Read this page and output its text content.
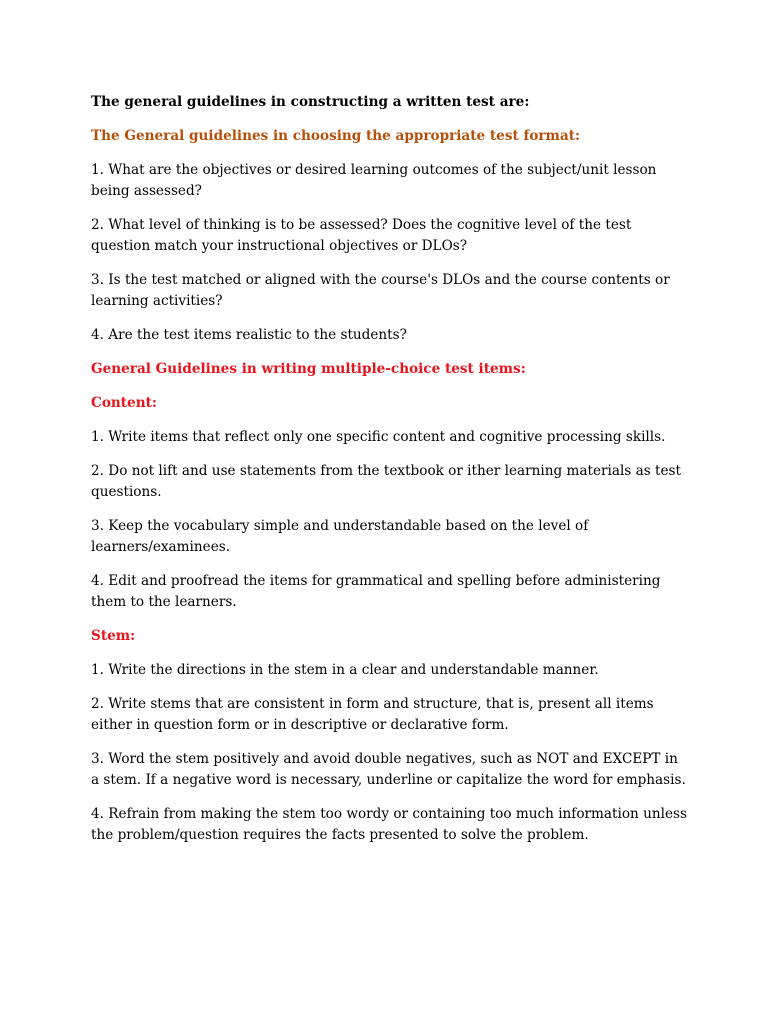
The general guidelines in constructing a written test are:

The General guidelines in choosing the appropriate test format:

1. What are the objectives or desired learning outcomes of the subject/unit lesson being assessed?

2. What level of thinking is to be assessed? Does the cognitive level of the test question match your instructional objectives or DLOs?

3. Is the test matched or aligned with the course's DLOs and the course contents or learning activities?

4. Are the test items realistic to the students?

General Guidelines in writing multiple-choice test items:

Content:

1. Write items that reflect only one specific content and cognitive processing skills.

2. Do not lift and use statements from the textbook or ither learning materials as test questions.

3. Keep the vocabulary simple and understandable based on the level of learners/examinees.

4. Edit and proofread the items for grammatical and spelling before administering them to the learners.

Stem:

1. Write the directions in the stem in a clear and understandable manner.

2. Write stems that are consistent in form and structure, that is, present all items either in question form or in descriptive or declarative form.

3. Word the stem positively and avoid double negatives, such as NOT and EXCEPT in a stem. If a negative word is necessary, underline or capitalize the word for emphasis.

4. Refrain from making the stem too wordy or containing too much information unless the problem/question requires the facts presented to solve the problem.
